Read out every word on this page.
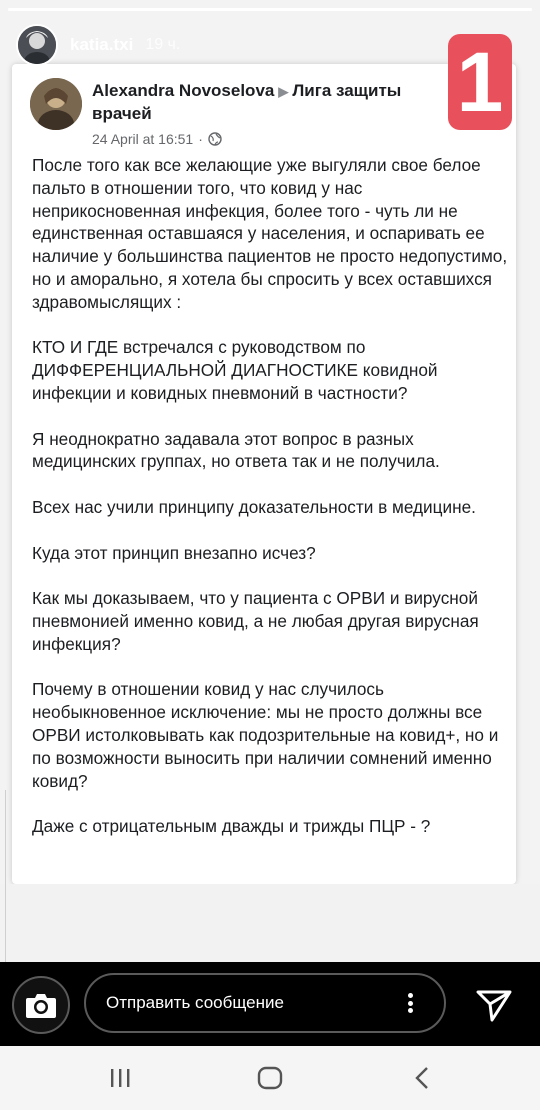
Alexandra Novoselova ▶ Лига защиты врачей
24 April at 16:51 ·

После того как все желающие уже выгуляли свое белое пальто в отношении того, что ковид у нас неприкосновенная инфекция, более того - чуть ли не единственная оставшаяся у населения, и оспаривать ее наличие у большинства пациентов не просто недопустимо, но и аморально, я хотела бы спросить у всех оставшихся здравомыслящих :

КТО И ГДЕ встречался с руководством по ДИФФЕРЕНЦИАЛЬНОЙ ДИАГНОСТИКЕ ковидной инфекции и ковидных пневмоний в частности?

Я неоднократно задавала этот вопрос в разных медицинских группах, но ответа так и не получила.

Всех нас учили принципу доказательности в медицине.

Куда этот принцип внезапно исчез?

Как мы доказываем, что у пациента с ОРВИ и вирусной пневмонией именно ковид, а не любая другая вирусная инфекция?

Почему в отношении ковид у нас случилось необыкновенное исключение: мы не просто должны все ОРВИ истолковывать как подозрительные на ковид+, но и по возможности выносить при наличии сомнений именно ковид?

Даже с отрицательным дважды и трижды ПЦР - ?

katia.txi 19 ч.	1
Отправить сообщение
